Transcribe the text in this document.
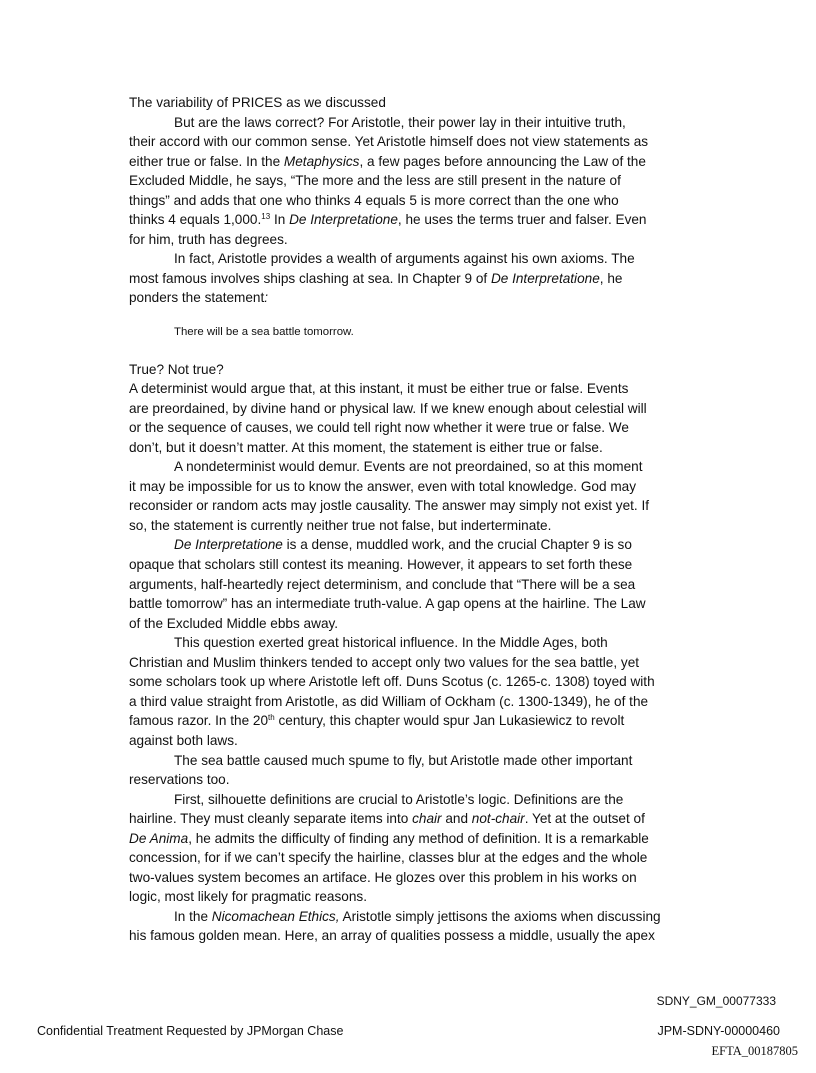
The variability of PRICES as we discussed
But are the laws correct? For Aristotle, their power lay in their intuitive truth,
their accord with our common sense. Yet Aristotle himself does not view statements as
either true or false. In the Metaphysics, a few pages before announcing the Law of the
Excluded Middle, he says, “The more and the less are still present in the nature of
things” and adds that one who thinks 4 equals 5 is more correct than the one who
thinks 4 equals 1,000.13 In De Interpretatione, he uses the terms truer and falser. Even
for him, truth has degrees.
In fact, Aristotle provides a wealth of arguments against his own axioms. The
most famous involves ships clashing at sea. In Chapter 9 of De Interpretatione, he
ponders the statement:
There will be a sea battle tomorrow.
True? Not true?
A determinist would argue that, at this instant, it must be either true or false. Events
are preordained, by divine hand or physical law. If we knew enough about celestial will
or the sequence of causes, we could tell right now whether it were true or false. We
don’t, but it doesn’t matter. At this moment, the statement is either true or false.
A nondeterminist would demur. Events are not preordained, so at this moment
it may be impossible for us to know the answer, even with total knowledge. God may
reconsider or random acts may jostle causality. The answer may simply not exist yet. If
so, the statement is currently neither true not false, but inderterminate.
De Interpretatione is a dense, muddled work, and the crucial Chapter 9 is so
opaque that scholars still contest its meaning. However, it appears to set forth these
arguments, half-heartedly reject determinism, and conclude that “There will be a sea
battle tomorrow” has an intermediate truth-value. A gap opens at the hairline. The Law
of the Excluded Middle ebbs away.
This question exerted great historical influence. In the Middle Ages, both
Christian and Muslim thinkers tended to accept only two values for the sea battle, yet
some scholars took up where Aristotle left off. Duns Scotus (c. 1265-c. 1308) toyed with
a third value straight from Aristotle, as did William of Ockham (c. 1300-1349), he of the
famous razor. In the 20th century, this chapter would spur Jan Lukasiewicz to revolt
against both laws.
The sea battle caused much spume to fly, but Aristotle made other important
reservations too.
First, silhouette definitions are crucial to Aristotle’s logic. Definitions are the
hairline. They must cleanly separate items into chair and not-chair. Yet at the outset of
De Anima, he admits the difficulty of finding any method of definition. It is a remarkable
concession, for if we can’t specify the hairline, classes blur at the edges and the whole
two-values system becomes an artiface. He glozes over this problem in his works on
logic, most likely for pragmatic reasons.
In the Nicomachean Ethics, Aristotle simply jettisons the axioms when discussing
his famous golden mean. Here, an array of qualities possess a middle, usually the apex
SDNY_GM_00077333
Confidential Treatment Requested by JPMorgan Chase	JPM-SDNY-00000460
EFTA_00187805
